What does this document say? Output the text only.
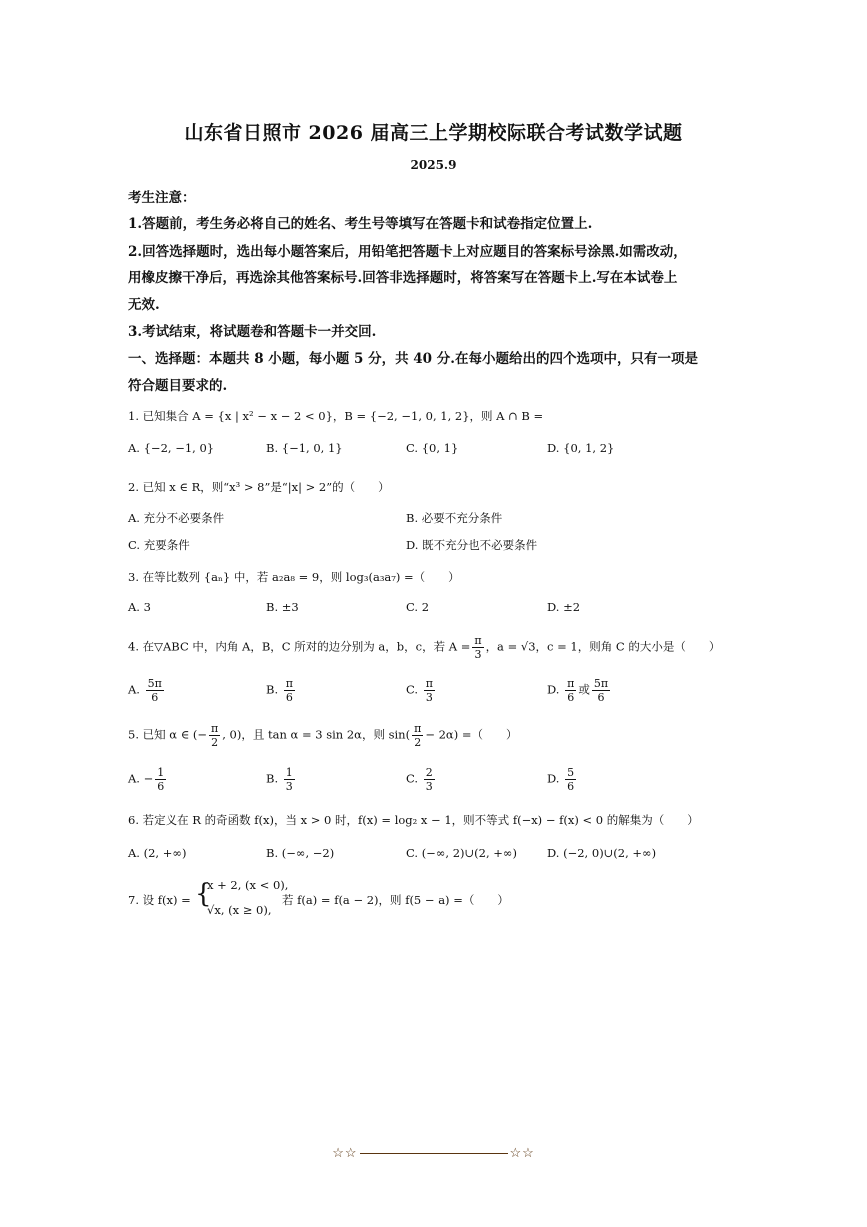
山东省日照市 2026 届高三上学期校际联合考试数学试题
2025.9
考生注意：
1.答题前，考生务必将自己的姓名、考生号等填写在答题卡和试卷指定位置上.
2.回答选择题时，选出每小题答案后，用铅笔把答题卡上对应题目的答案标号涂黑.如需改动，
用橡皮擦干净后，再选涂其他答案标号.回答非选择题时，将答案写在答题卡上.写在本试卷上
无效.
3.考试结束，将试题卷和答题卡一并交回.
一、选择题：本题共 8 小题，每小题 5 分，共 40 分.在每小题给出的四个选项中，只有一项是
符合题目要求的.
1. 已知集合 A = {x | x² − x − 2 < 0}，B = {−2, −1, 0, 1, 2}，则 A ∩ B =
A. {−2, −1, 0}	B. {−1, 0, 1}	C. {0, 1}	D. {0, 1, 2}
2. 已知 x ∈ R，则“x³ > 8”是“|x| > 2”的（　　）
A. 充分不必要条件	B. 必要不充分条件
C. 充要条件	D. 既不充分也不必要条件
3. 在等比数列 {aₙ} 中，若 a₂a₈ = 9，则 log₃(a₃a₇) =（　　）
A. 3	B. ±3	C. 2	D. ±2
4. 在▽ABC 中，内角 A，B，C 所对的边分别为 a，b，c，若 $A = \frac{\pi}{3}$ ，a = √3，c = 1，则角 C 的大小是（　　）
A. $\frac{5\pi}{6}$	B. $\frac{\pi}{6}$	C. $\frac{\pi}{3}$	D. $\frac{\pi}{6}$ 或 $\frac{5\pi}{6}$
5. 已知 α ∈ (− $\frac{\pi}{2}$ , 0)，且 tan α = 3 sin 2α，则 $\sin( \frac{\pi}{2} - 2\alpha)$ =（　　）
A. − $\frac{1}{6}$	B. $\frac{1}{3}$	C. $\frac{2}{3}$	D. $\frac{5}{6}$
6. 若定义在 R 的奇函数 f(x)，当 x > 0 时，f(x) = log₂ x − 1，则不等式 f(−x) − f(x) < 0 的解集为（　　）
A. (2, +∞)	B. (−∞, −2)	C. (−∞, 2)∪(2, +∞)	D. (−2, 0)∪(2, +∞)
7. 设 f(x) = {
x + 2, (x < 0),
√x, (x ≥ 0),
若 f(a) = f(a − 2)，则 f(5 − a) =（　　）
☆☆	☆☆
